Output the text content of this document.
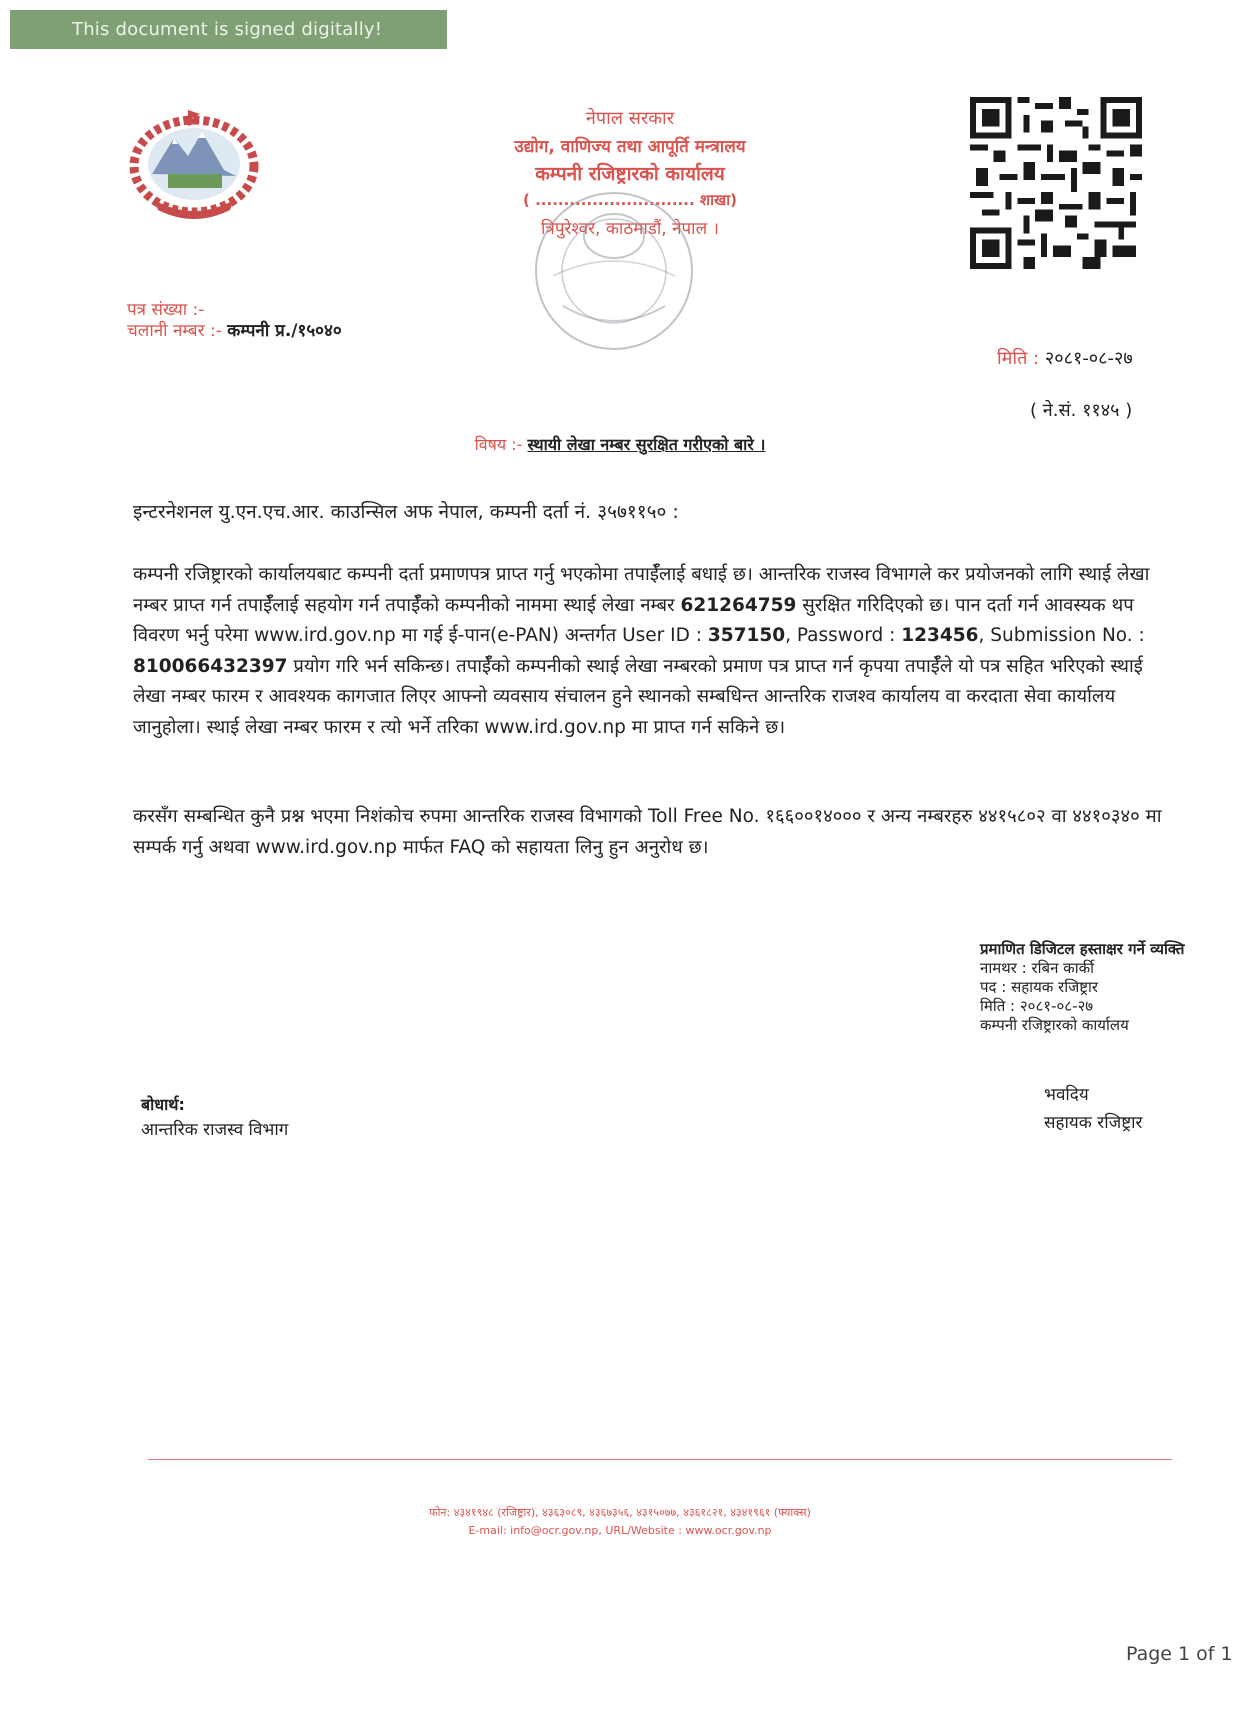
This document is signed digitally!
नेपाल सरकार
उद्योग, वाणिज्य तथा आपूर्ति मन्त्रालय
कम्पनी रजिष्ट्रारको कार्यालय
( ............................ शाखा)
त्रिपुरेश्वर, काठमाडौं, नेपाल ।
पत्र संख्या :-
चलानी नम्बर :- कम्पनी प्र./१५०४०
मिति : २०८१-०८-२७
( ने.सं. ११४५ )
विषय :- स्थायी लेखा नम्बर सुरक्षित गरीएको बारे ।
इन्टरनेशनल यु.एन.एच.आर. काउन्सिल अफ नेपाल, कम्पनी दर्ता नं. ३५७११५० :
कम्पनी रजिष्ट्रारको कार्यालयबाट कम्पनी दर्ता प्रमाणपत्र प्राप्त गर्नु भएकोमा तपाईँलाई बधाई छ। आन्तरिक राजस्व विभागले कर प्रयोजनको लागि स्थाई लेखा नम्बर प्राप्त गर्न तपाईँलाई सहयोग गर्न तपाईँको कम्पनीको नाममा स्थाई लेखा नम्बर 621264759 सुरक्षित गरिदिएको छ। पान दर्ता गर्न आवस्यक थप विवरण भर्नु परेमा www.ird.gov.np मा गई ई-पान(e-PAN) अन्तर्गत User ID : 357150, Password : 123456, Submission No. : 810066432397 प्रयोग गरि भर्न सकिन्छ। तपाईँको कम्पनीको स्थाई लेखा नम्बरको प्रमाण पत्र प्राप्त गर्न कृपया तपाईँले यो पत्र सहित भरिएको स्थाई लेखा नम्बर फारम र आवश्यक कागजात लिएर आफ्नो व्यवसाय संचालन हुने स्थानको सम्बधिन्त आन्तरिक राजश्व कार्यालय वा करदाता सेवा कार्यालय जानुहोला। स्थाई लेखा नम्बर फारम र त्यो भर्ने तरिका www.ird.gov.np मा प्राप्त गर्न सकिने छ।
करसँग सम्बन्धित कुनै प्रश्न भएमा निशंकोच रुपमा आन्तरिक राजस्व विभागको Toll Free No. १६६००१४००० र अन्य नम्बरहरु ४४१५८०२ वा ४४१०३४० मा सम्पर्क गर्नु अथवा www.ird.gov.np मार्फत FAQ को सहायता लिनु हुन अनुरोध छ।
प्रमाणित डिजिटल हस्ताक्षर गर्ने व्यक्ति
नामथर : रबिन कार्की
पद : सहायक रजिष्ट्रार
मिति : २०८१-०८-२७
कम्पनी रजिष्ट्रारको कार्यालय
भवदिय
सहायक रजिष्ट्रार
बोधार्थ:
आन्तरिक राजस्व विभाग
फोन: ४३४१९४८ (रजिष्ट्रार), ४३६३०८९, ४३६७३५६, ४३१५०७७, ४३६१८२१, ४३४१९६१ (फ्याक्स)
E-mail: info@ocr.gov.np, URL/Website : www.ocr.gov.np
Page 1 of 1
